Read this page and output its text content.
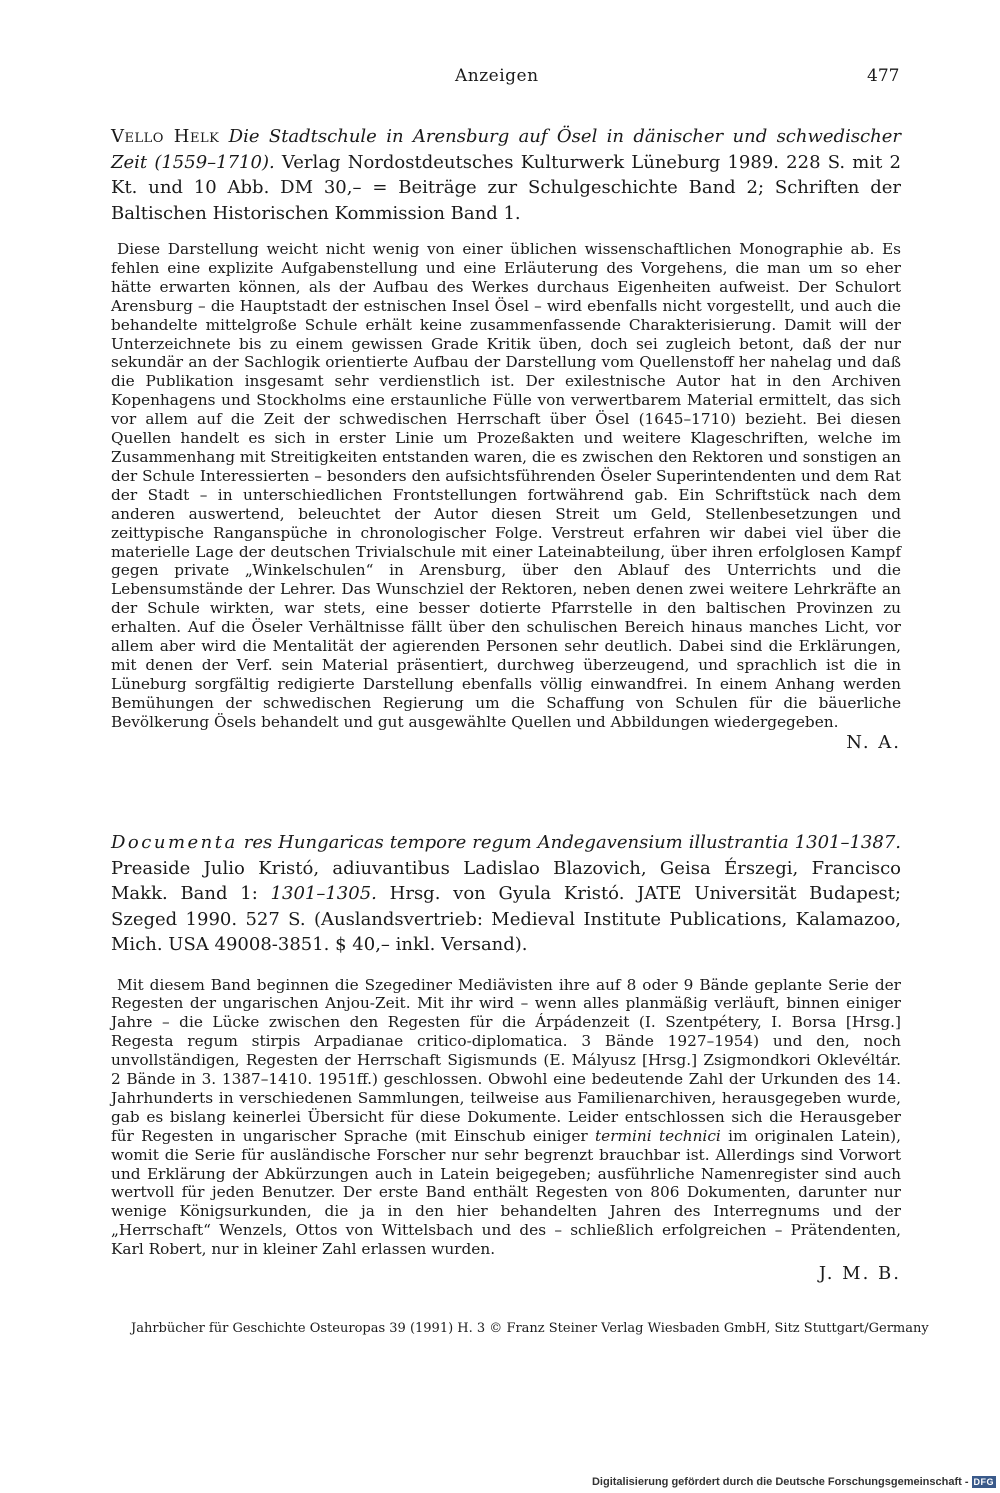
Anzeigen	477

Vello Helk Die Stadtschule in Arensburg auf Ösel in dänischer und schwedischer Zeit (1559–1710). Verlag Nordostdeutsches Kulturwerk Lüneburg 1989. 228 S. mit 2 Kt. und 10 Abb. DM 30,– = Beiträge zur Schulgeschichte Band 2; Schriften der Baltischen Historischen Kommission Band 1.

Diese Darstellung weicht nicht wenig von einer üblichen wissenschaftlichen Monographie ab. Es fehlen eine explizite Aufgabenstellung und eine Erläuterung des Vorgehens, die man um so eher hätte erwarten können, als der Aufbau des Werkes durchaus Eigenheiten aufweist. Der Schulort Arensburg – die Hauptstadt der estnischen Insel Ösel – wird ebenfalls nicht vorgestellt, und auch die behandelte mittelgroße Schule erhält keine zusammenfassende Charakterisierung. Damit will der Unterzeichnete bis zu einem gewissen Grade Kritik üben, doch sei zugleich betont, daß der nur sekundär an der Sachlogik orientierte Aufbau der Darstellung vom Quellenstoff her nahelag und daß die Publikation insgesamt sehr verdienstlich ist. Der exilestnische Autor hat in den Archiven Kopenhagens und Stockholms eine erstaunliche Fülle von verwertbarem Material ermittelt, das sich vor allem auf die Zeit der schwedischen Herrschaft über Ösel (1645–1710) bezieht. Bei diesen Quellen handelt es sich in erster Linie um Prozeßakten und weitere Klageschriften, welche im Zusammenhang mit Streitigkeiten entstanden waren, die es zwischen den Rektoren und sonstigen an der Schule Interessierten – besonders den aufsichtsführenden Öseler Superintendenten und dem Rat der Stadt – in unterschiedlichen Frontstellungen fortwährend gab. Ein Schriftstück nach dem anderen auswertend, beleuchtet der Autor diesen Streit um Geld, Stellenbesetzungen und zeittypische Ranganspüche in chronologischer Folge. Verstreut erfahren wir dabei viel über die materielle Lage der deutschen Trivialschule mit einer Lateinabteilung, über ihren erfolglosen Kampf gegen private „Winkelschulen“ in Arensburg, über den Ablauf des Unterrichts und die Lebensumstände der Lehrer. Das Wunschziel der Rektoren, neben denen zwei weitere Lehrkräfte an der Schule wirkten, war stets, eine besser dotierte Pfarrstelle in den baltischen Provinzen zu erhalten. Auf die Öseler Verhältnisse fällt über den schulischen Bereich hinaus manches Licht, vor allem aber wird die Mentalität der agierenden Personen sehr deutlich. Dabei sind die Erklärungen, mit denen der Verf. sein Material präsentiert, durchweg überzeugend, und sprachlich ist die in Lüneburg sorgfältig redigierte Darstellung ebenfalls völlig einwandfrei. In einem Anhang werden Bemühungen der schwedischen Regierung um die Schaffung von Schulen für die bäuerliche Bevölkerung Ösels behandelt und gut ausgewählte Quellen und Abbildungen wiedergegeben.

N. A.

Documenta res Hungaricas tempore regum Andegavensium illustrantia 1301–1387. Preaside Julio Kristó, adiuvantibus Ladislao Blazovich, Geisa Érszegi, Francisco Makk. Band 1: 1301–1305. Hrsg. von Gyula Kristó. JATE Universität Budapest; Szeged 1990. 527 S. (Auslandsvertrieb: Medieval Institute Publications, Kalamazoo, Mich. USA 49008-3851. $ 40,– inkl. Versand).

Mit diesem Band beginnen die Szegediner Mediävisten ihre auf 8 oder 9 Bände geplante Serie der Regesten der ungarischen Anjou-Zeit. Mit ihr wird – wenn alles planmäßig verläuft, binnen einiger Jahre – die Lücke zwischen den Regesten für die Árpádenzeit (I. Szentpétery, I. Borsa [Hrsg.] Regesta regum stirpis Arpadianae critico-diplomatica. 3 Bände 1927–1954) und den, noch unvollständigen, Regesten der Herrschaft Sigismunds (E. Mályusz [Hrsg.] Zsigmondkori Oklevéltár. 2 Bände in 3. 1387–1410. 1951ff.) geschlossen. Obwohl eine bedeutende Zahl der Urkunden des 14. Jahrhunderts in verschiedenen Sammlungen, teilweise aus Familienarchiven, herausgegeben wurde, gab es bislang keinerlei Übersicht für diese Dokumente. Leider entschlossen sich die Herausgeber für Regesten in ungarischer Sprache (mit Einschub einiger termini technici im originalen Latein), womit die Serie für ausländische Forscher nur sehr begrenzt brauchbar ist. Allerdings sind Vorwort und Erklärung der Abkürzungen auch in Latein beigegeben; ausführliche Namenregister sind auch wertvoll für jeden Benutzer. Der erste Band enthält Regesten von 806 Dokumenten, darunter nur wenige Königsurkunden, die ja in den hier behandelten Jahren des Interregnums und der „Herrschaft“ Wenzels, Ottos von Wittelsbach und des – schließlich erfolgreichen – Prätendenten, Karl Robert, nur in kleiner Zahl erlassen wurden.

J. M. B.

Jahrbücher für Geschichte Osteuropas 39 (1991) H. 3 © Franz Steiner Verlag Wiesbaden GmbH, Sitz Stuttgart/Germany
Digitalisierung gefördert durch die Deutsche Forschungsgemeinschaft - DFG
